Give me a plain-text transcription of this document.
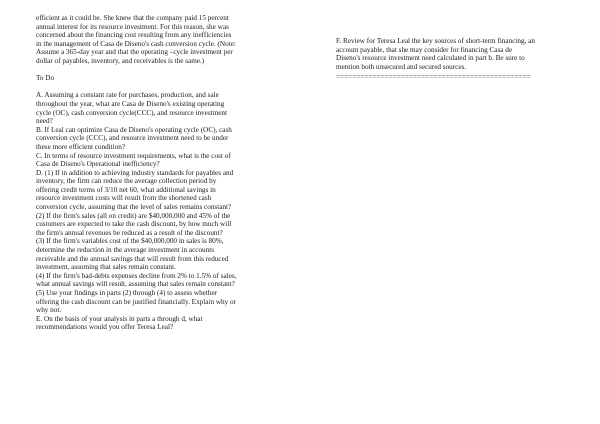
efficient as it could be. She knew that the company paid 15 percent
annual interest for its resource investment. For this reason, she was
concerned about the financing cost resulting from any inefficiencies
in the management of Casa de Diseno's cash conversion cycle. (Note:
Assume a 365-day year and that the operating –cycle investment per
dollar of payables, inventory, and receivables is the same.)
To Do
A. Assuming a constant rate for purchases, production, and sale
throughout the year, what are Casa de Diseno's existing operating
cycle (OC), cash conversion cycle(CCC), and resource investment
need?
B. If Leal can optimize Casa de Diseno's operating cycle (OC), cash
conversion cycle (CCC), and resource investment need to be under
these more efficient condition?
C. In terms of resource investment requirements, what is the cost of
Casa de Diseno's Operational inefficiency?
D. (1) If in addition to achieving industry standards for payables and
inventory, the firm can reduce the average collection period by
offering credit terms of 3/10 net 60, what additional savings in
resource investment costs will result from the shortened cash
conversion cycle, assuming that the level of sales remains constant?
(2) If the firm's sales (all on credit) are $40,000,000 and 45% of the
customers are expected to take the cash discount, by how much will
the firm's annual revenues be reduced as a result of the discount?
(3) If the firm's variables cost of the $40,000,000 in sales is 80%,
determine the reduction in the average investment in accounts
receivable and the annual savings that will result from this reduced
investment, assuming that sales remain constant.
(4) If the firm's bad-debts expenses decline from 2% to 1.5% of sales,
what annual savings will result, assuming that sales remain constant?
(5) Use your findings in parts (2) through (4) to assess whether
offering the cash discount can be justified financially. Explain why or
why not.
E. On the basis of your analysis in parts a through d, what
recommendations would you offer Teresa Leal?
F. Review for Teresa Leal the key sources of short-term financing, an
account payable, that she may consider for financing Casa de
Diseno's resource investment need calculated in part b. Be sure to
mention both unsecured and secured sources.
================================================
